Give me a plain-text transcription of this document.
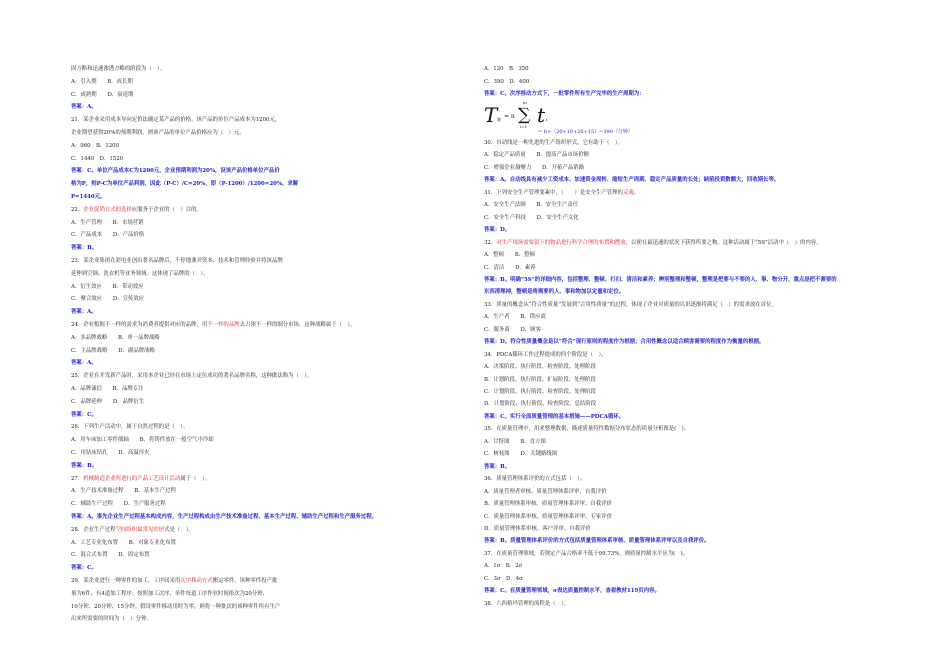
固方略和迅速渗透方略的阶段为（　）。
A．引入期　　B．成长期
C．成熟期　　D．衰退期
答案：A。
21．某企业采用成本导向定价法确定某产品的价格，该产品的单位产品成本为1200元，
企业期望获得20%的预期利润，则该产品的单位产品价格应为（　）元。
A．960　B．1200
C．1440　D．1520
答案：C。单位产品成本C为1200元，企业预期利润为20%，设该产品价格单位产品价
格为P，则P-C为单位产品利润，因此（P-C）/C=20%，即（P-1200）/1200=20%，求解
P=1440元。
22．企业促销方式的选择应服务于企业的（　）目的。
A．生产管理　　B．市场营销
C．产品成本　　D．产品价格
答案：B。
23．某企业集团在彩电业创出著名品牌后，不停地兼并资本、技术和管理经验并将该品牌
延伸到空调、洗衣机等业务领域。这体现了品牌的（　）。
A．衍生效应　　B．带动效应
C．聚合效应　　D．宣传效应
答案：A。
24．企业根据不一样的需求为消费者提供对应的品牌，用不一样的品牌去占领不一样的细分市场。这种战略属于（　）。
A．多品牌战略　　B．单一品牌战略
C．主品牌战略　　D．副品牌战略
答案：A。
25．企业在开发新产品时，采用本企业已经在市场上定位成功的著名品牌名称，这种做法称为（　）。
A．品牌诚信　　B．品牌专注
C．品牌延伸　　D．品牌衍生
答案：C。
26．下列生产活动中，属于自然过程的是（　）。
A．用车床加工零件细轴　　B．将铸件放在一般空气中冷却
C．用钻床钻孔　　D．高温淬火
答案：B。
27．机械制造企业所进行的产品工艺设计活动属于（　）。
A．生产技术准备过程　　B．基本生产过程
C．辅助生产过程　　D．生产服务过程
答案：A。事先企业生产过程基本构成内容，生产过程构成由生产技术准备过程、基本生产过程、辅助生产过程和生产服务过程。
28．企业生产过程空间组织最常见的形式是（　）。
A．工艺专业化布置　　B．对象专业化布置
C．混合式布置　　D．固定布置
答案：C。
29．某企业进行一种零件的加工，工序间采用次序移动方式搬运零件。该种零件投产批
量为6件，有4道加工程序；按照加工次序，单件每道工序作业时间依次为20分钟、
10分钟、20分钟、15分钟。假设零件移动用时为零，则将一种批次的该种零件所有生产
出来所需要的时间为（　）分钟。
T 顺 = n
m
∑
i=1 t i
= 6×（20+10+20+15）=390（分钟）
A．120　B．350
C．390　D．400
答案：C。次序移动方式下，一批零件所有生产完毕的生产周期为：
30．自动线是一种先进的生产组织形式，它有助于（　）。
A．稳定产品质量　　B．提高产品市场价额
C．增强企业凝聚力　　D．开拓产品销路
答案：A。自动线具有减少工资成本、加速资金周转、缩短生产周期、稳定产品质量的长处；缺陷投资数额大，回收期长等。
31．下列安全生产管理要素中，（　　）是安全生产管理的灵魂。
A．安全生产法制　　B．安全生产责任
C．安全生产科技　　D．安全生产文化
答案：D。
32．对生产现场需要留下的物品进行科学合理的布置和摆放，以便在最迅速的状况下获得所要之物，这种活动属于“5S”活动中（　）的内容。
A．整顿　　B．整顿
C．清洁　　D．素养
答案：B。明确“5S”的详细内容，包括整理、整顿、打扫、清洁和素养；辨别整理和整顿，整理是把要与不要的人、事、物分开，重点是把不需要的
东西清理掉，整顿是将需要的人、事和物加以定量和定位。
33．质量的概念从“符合性质量”发展到“合用性质量”的过程，体现了企业对质量的认识逐渐将满足（　）的需求放在首位。
A．生产者　　B．供应商
C．服务商　　D．顾客
答案：D。符合性质量概念是以“符合”现行原则的程度作为根据；合用性概念以适合顾客需要的程度作为衡量的根据。
34．PDCA循环工作过程提成的四个阶段是（　）。
A．决策阶段、执行阶段、检查阶段、处理阶段
B．计划阶段、执行阶段、扩展阶段、处理阶段
C．计划阶段、执行阶段、检查阶段、处理阶段
D．计划阶段、执行阶段、检查阶段、总结阶段
答案：C。实行全面质量管理的基本措施——PDCA循环。
35．在质量管理中，用来整理数据、描述质量特性数据分布状态的质量分析图是(　)。
A．甘特图　　B．直方图
C．树枝图　　D．关键路线图
答案：B。
36．质量管理体系评价的方式包括（　）。
A．质量管理者审核、质量管理体系评审、自我评价
B．质量管理体系审核、质量管理体系评审、自我评价
C．质量管理体系审核、质量管理体系评审、专家评价
D．质量管理体系审核、客户评审、自我评价
答案：B。质量管理体系评价的方式包括质量管理体系审核、质量管理体系评审以及自我评价。
37．在质量管理领域，若规定产品合格率不低于99.73%，则质量控制水平应为(　)。
A．1σ　B．2σ
C．3σ　D．4σ
答案：C。在质量管理领域，σ表达质量控制水平，查看教材119页内容。
38．六西格玛管理的流程是（　）。
